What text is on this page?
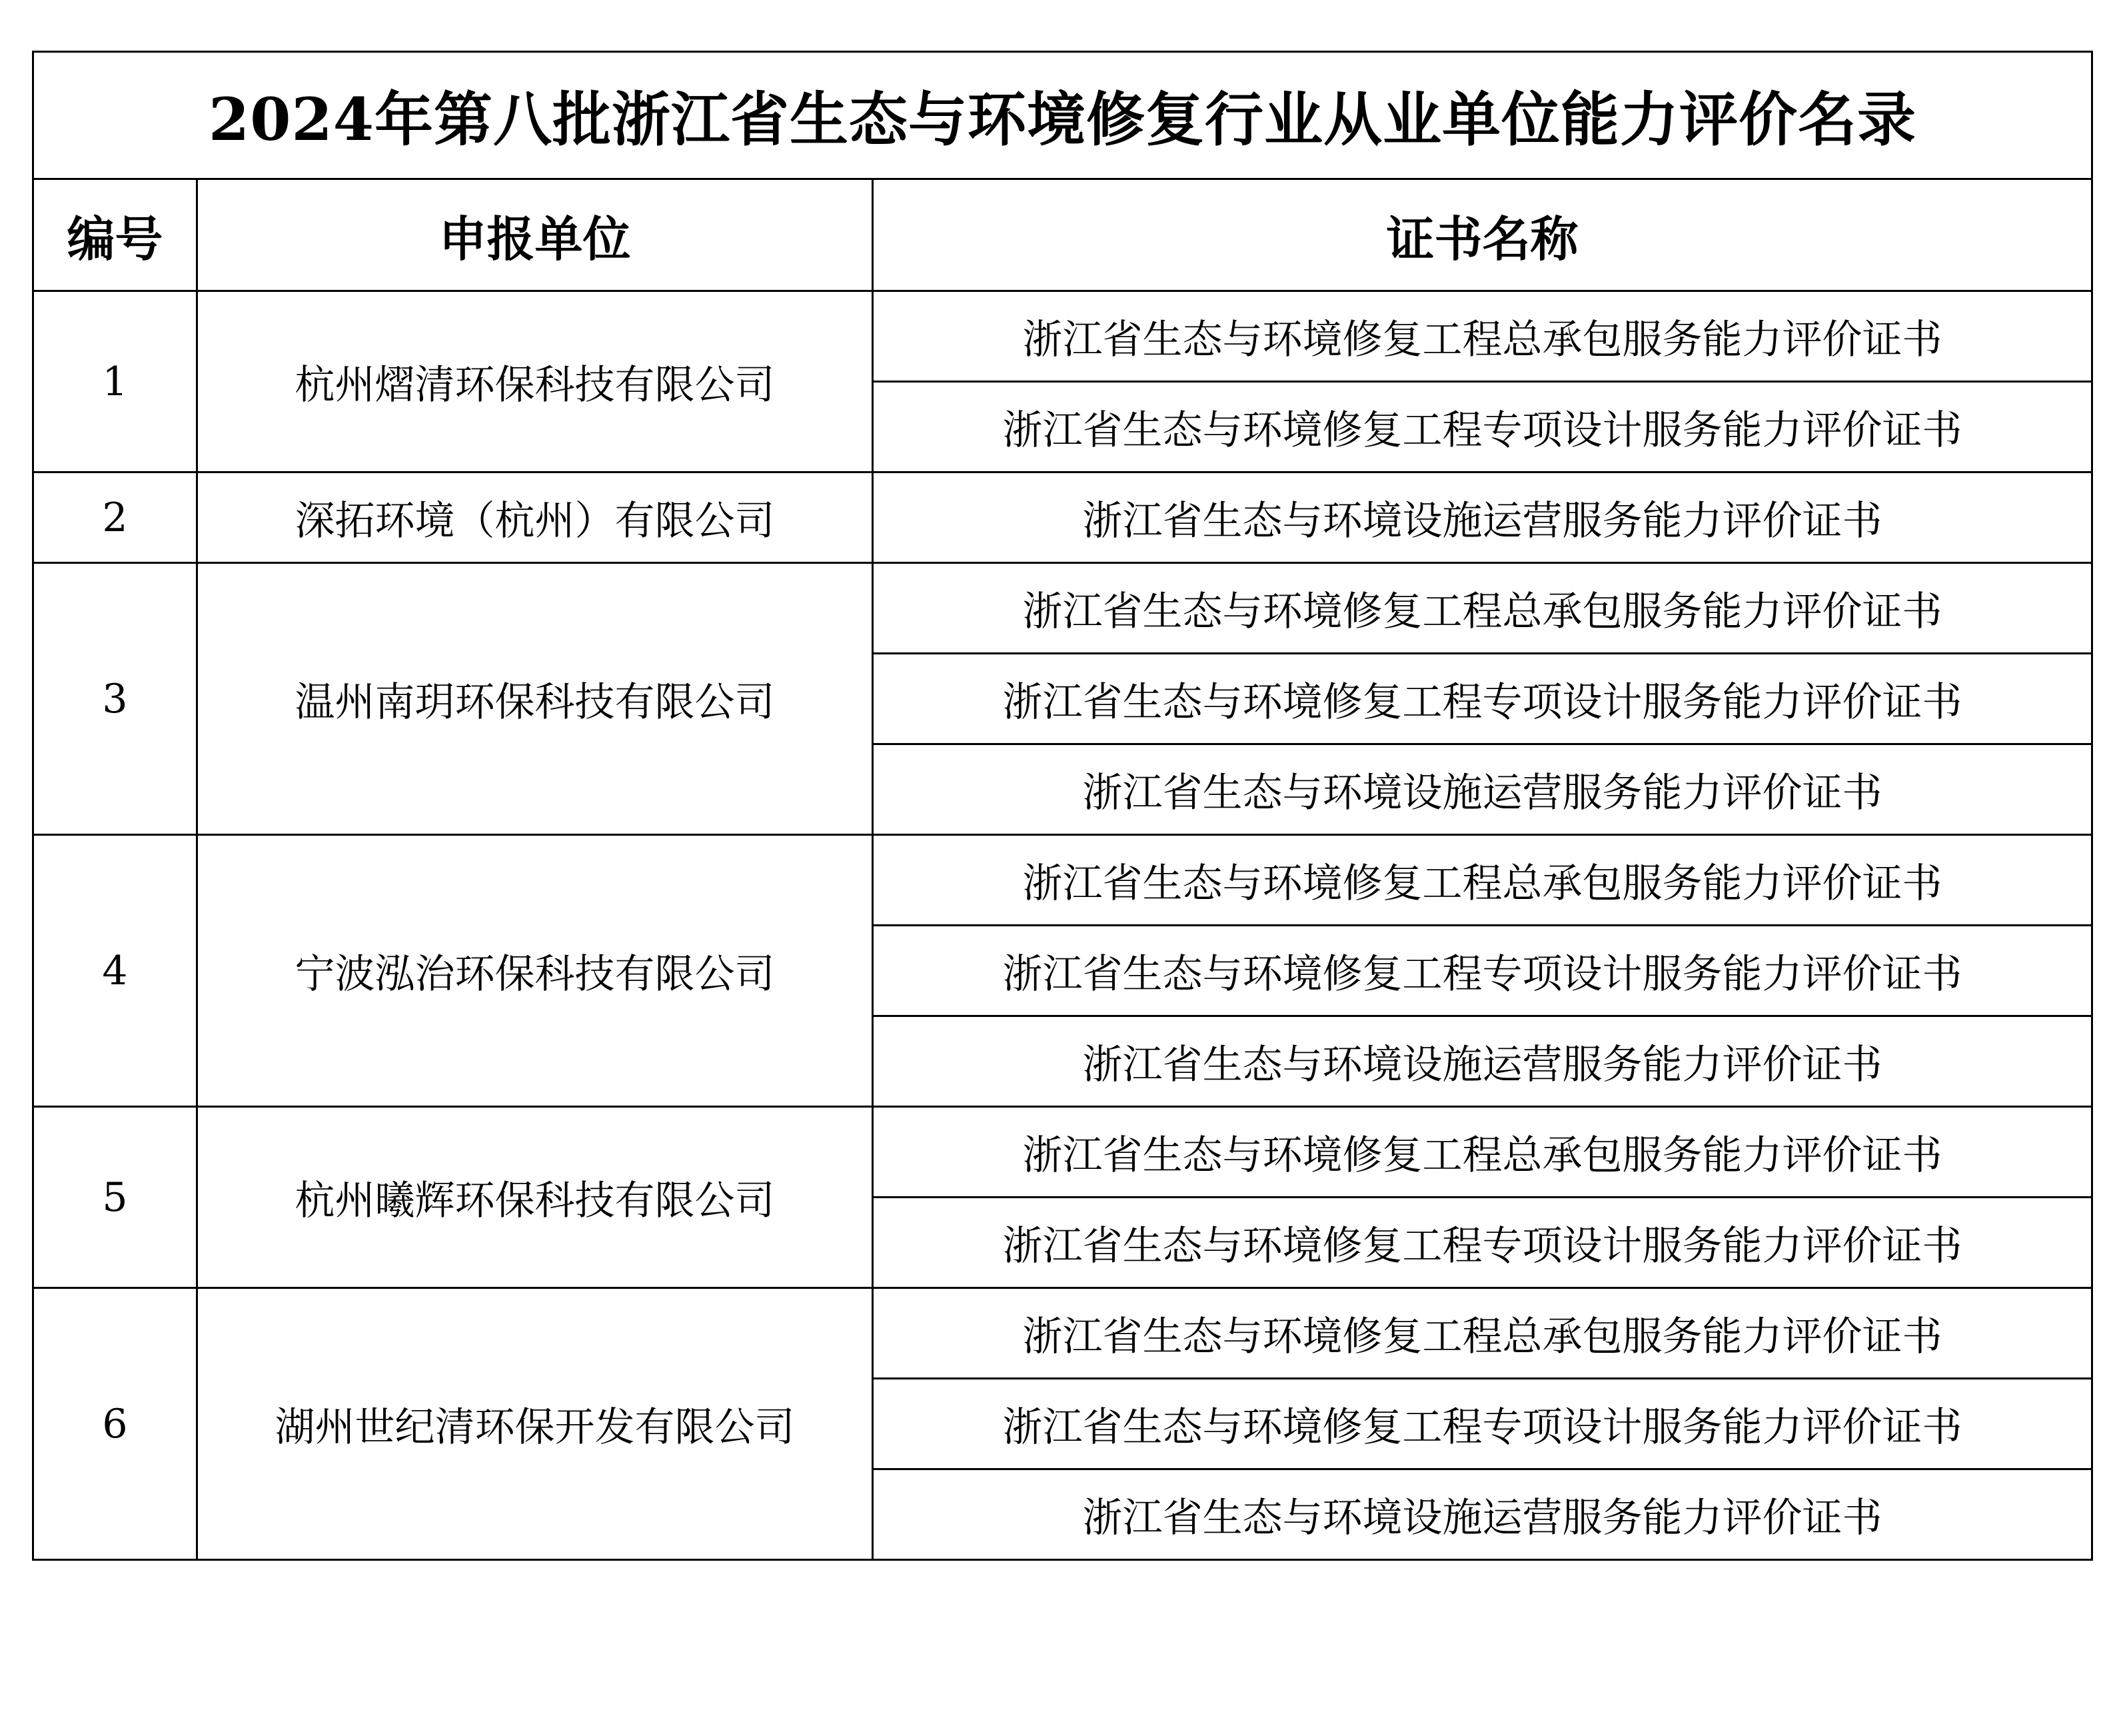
2024年第八批浙江省生态与环境修复行业从业单位能力评价名录		
编号	申报单位	证书名称
1	杭州熠清环保科技有限公司	浙江省生态与环境修复工程总承包服务能力评价证书
		浙江省生态与环境修复工程专项设计服务能力评价证书
2	深拓环境（杭州）有限公司	浙江省生态与环境设施运营服务能力评价证书
3	温州南玥环保科技有限公司	浙江省生态与环境修复工程总承包服务能力评价证书
		浙江省生态与环境修复工程专项设计服务能力评价证书
		浙江省生态与环境设施运营服务能力评价证书
4	宁波泓治环保科技有限公司	浙江省生态与环境修复工程总承包服务能力评价证书
		浙江省生态与环境修复工程专项设计服务能力评价证书
		浙江省生态与环境设施运营服务能力评价证书
5	杭州曦辉环保科技有限公司	浙江省生态与环境修复工程总承包服务能力评价证书
		浙江省生态与环境修复工程专项设计服务能力评价证书
6	湖州世纪清环保开发有限公司	浙江省生态与环境修复工程总承包服务能力评价证书
		浙江省生态与环境修复工程专项设计服务能力评价证书
		浙江省生态与环境设施运营服务能力评价证书
